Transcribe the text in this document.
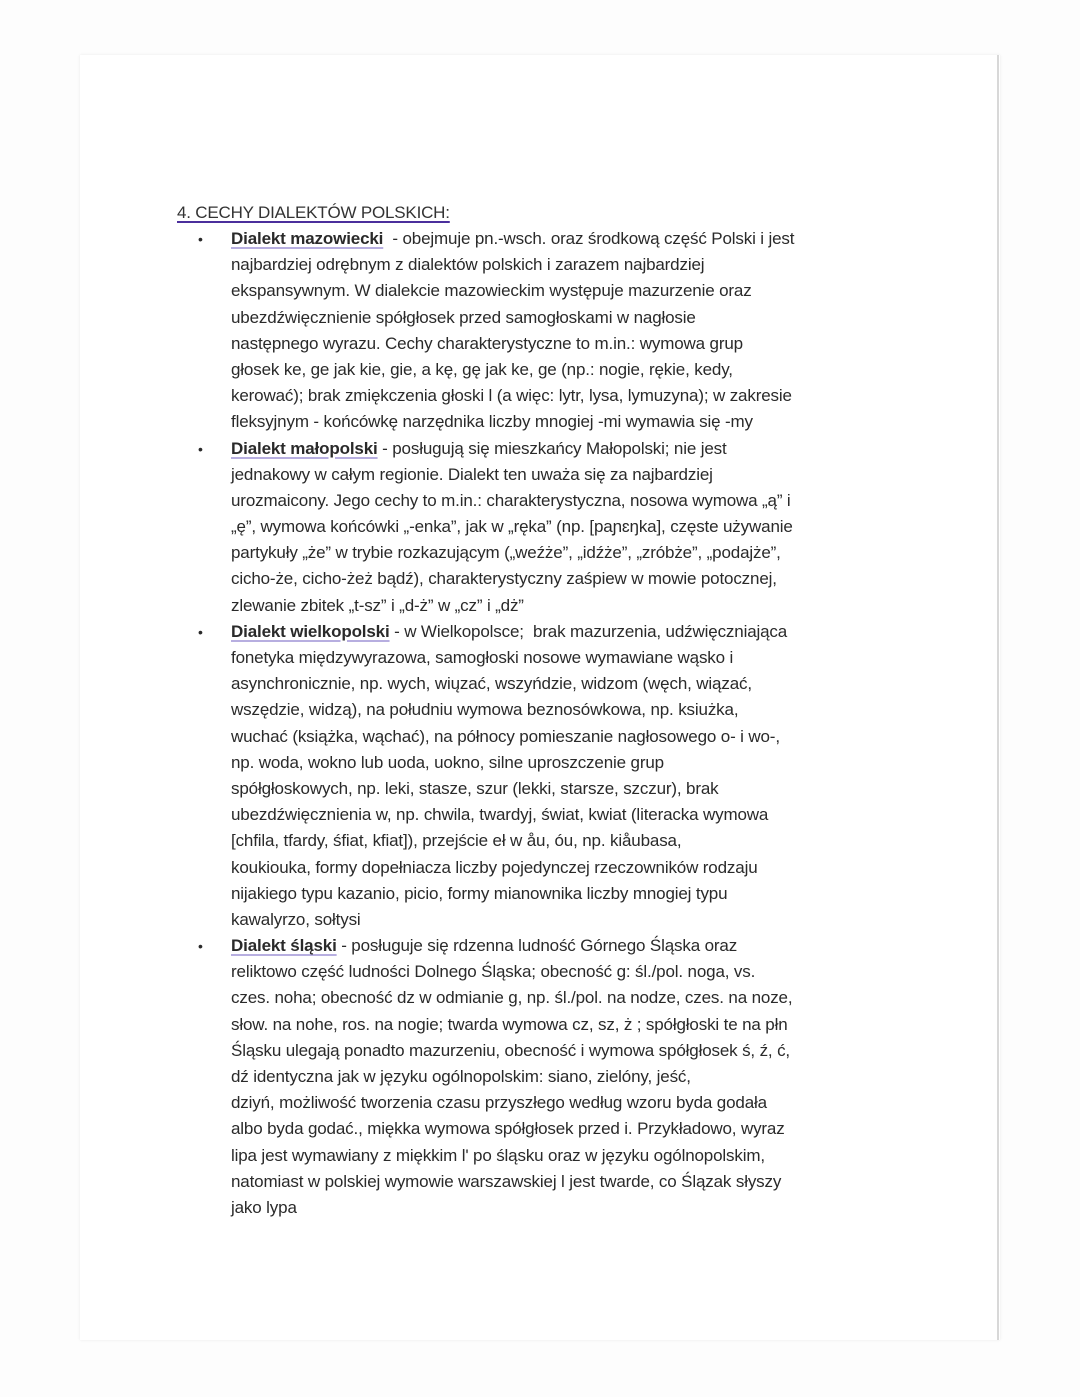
4. CECHY DIALEKTÓW POLSKICH:
• Dialekt mazowiecki  - obejmuje pn.-wsch. oraz środkową część Polski i jest
najbardziej odrębnym z dialektów polskich i zarazem najbardziej
ekspansywnym. W dialekcie mazowieckim występuje mazurzenie oraz
ubezdźwięcznienie spółgłosek przed samogłoskami w nagłosie
następnego wyrazu. Cechy charakterystyczne to m.in.: wymowa grup
głosek ke, ge jak kie, gie, a kę, gę jak ke, ge (np.: nogie, rękie, kedy,
kerować); brak zmiękczenia głoski l (a więc: lytr, lysa, lymuzyna); w zakresie
fleksyjnym - końcówkę narzędnika liczby mnogiej -mi wymawia się -my
• Dialekt małopolski - posługują się mieszkańcy Małopolski; nie jest
jednakowy w całym regionie. Dialekt ten uważa się za najbardziej
urozmaicony. Jego cechy to m.in.: charakterystyczna, nosowa wymowa „ą” i
„ę”, wymowa końcówki „-enka”, jak w „ręka” (np. [paɲɛŋka], częste używanie
partykuły „że” w trybie rozkazującym („weźże”, „idźże”, „zróbże”, „podajże”,
cicho-że, cicho-żeż bądź), charakterystyczny zaśpiew w mowie potocznej,
zlewanie zbitek „t-sz” i „d-ż” w „cz” i „dż”
• Dialekt wielkopolski - w Wielkopolsce;  brak mazurzenia, udźwięczniająca
fonetyka międzywyrazowa, samogłoski nosowe wymawiane wąsko i
asynchronicznie, np. wych, wiųzać, wszyńdzie, widzom (węch, wiązać,
wszędzie, widzą), na południu wymowa beznosówkowa, np. ksiużka,
wuchać (książka, wąchać), na północy pomieszanie nagłosowego o- i wo-,
np. woda, wokno lub uoda, uokno, silne uproszczenie grup
spółgłoskowych, np. leki, stasze, szur (lekki, starsze, szczur), brak
ubezdźwięcznienia w, np. chwila, twardyj, świat, kwiat (literacka wymowa
[chfila, tfardy, śfiat, kfiat]), przejście eł w åu, óu, np. kiåubasa,
koukiouka, formy dopełniacza liczby pojedynczej rzeczowników rodzaju
nijakiego typu kazanio, picio, formy mianownika liczby mnogiej typu
kawalyrzo, sołtysi
• Dialekt śląski - posługuje się rdzenna ludność Górnego Śląska oraz
reliktowo część ludności Dolnego Śląska; obecność g: śl./pol. noga, vs.
czes. noha; obecność dz w odmianie g, np. śl./pol. na nodze, czes. na noze,
słow. na nohe, ros. na nogie; twarda wymowa cz, sz, ż ; spółgłoski te na płn
Śląsku ulegają ponadto mazurzeniu, obecność i wymowa spółgłosek ś, ź, ć,
dź identyczna jak w języku ogólnopolskim: siano, zielóny, jeść,
dziyń, możliwość tworzenia czasu przyszłego według wzoru byda godała
albo byda godać., miękka wymowa spółgłosek przed i. Przykładowo, wyraz
lipa jest wymawiany z miękkim l' po śląsku oraz w języku ogólnopolskim,
natomiast w polskiej wymowie warszawskiej l jest twarde, co Ślązak słyszy
jako lypa
